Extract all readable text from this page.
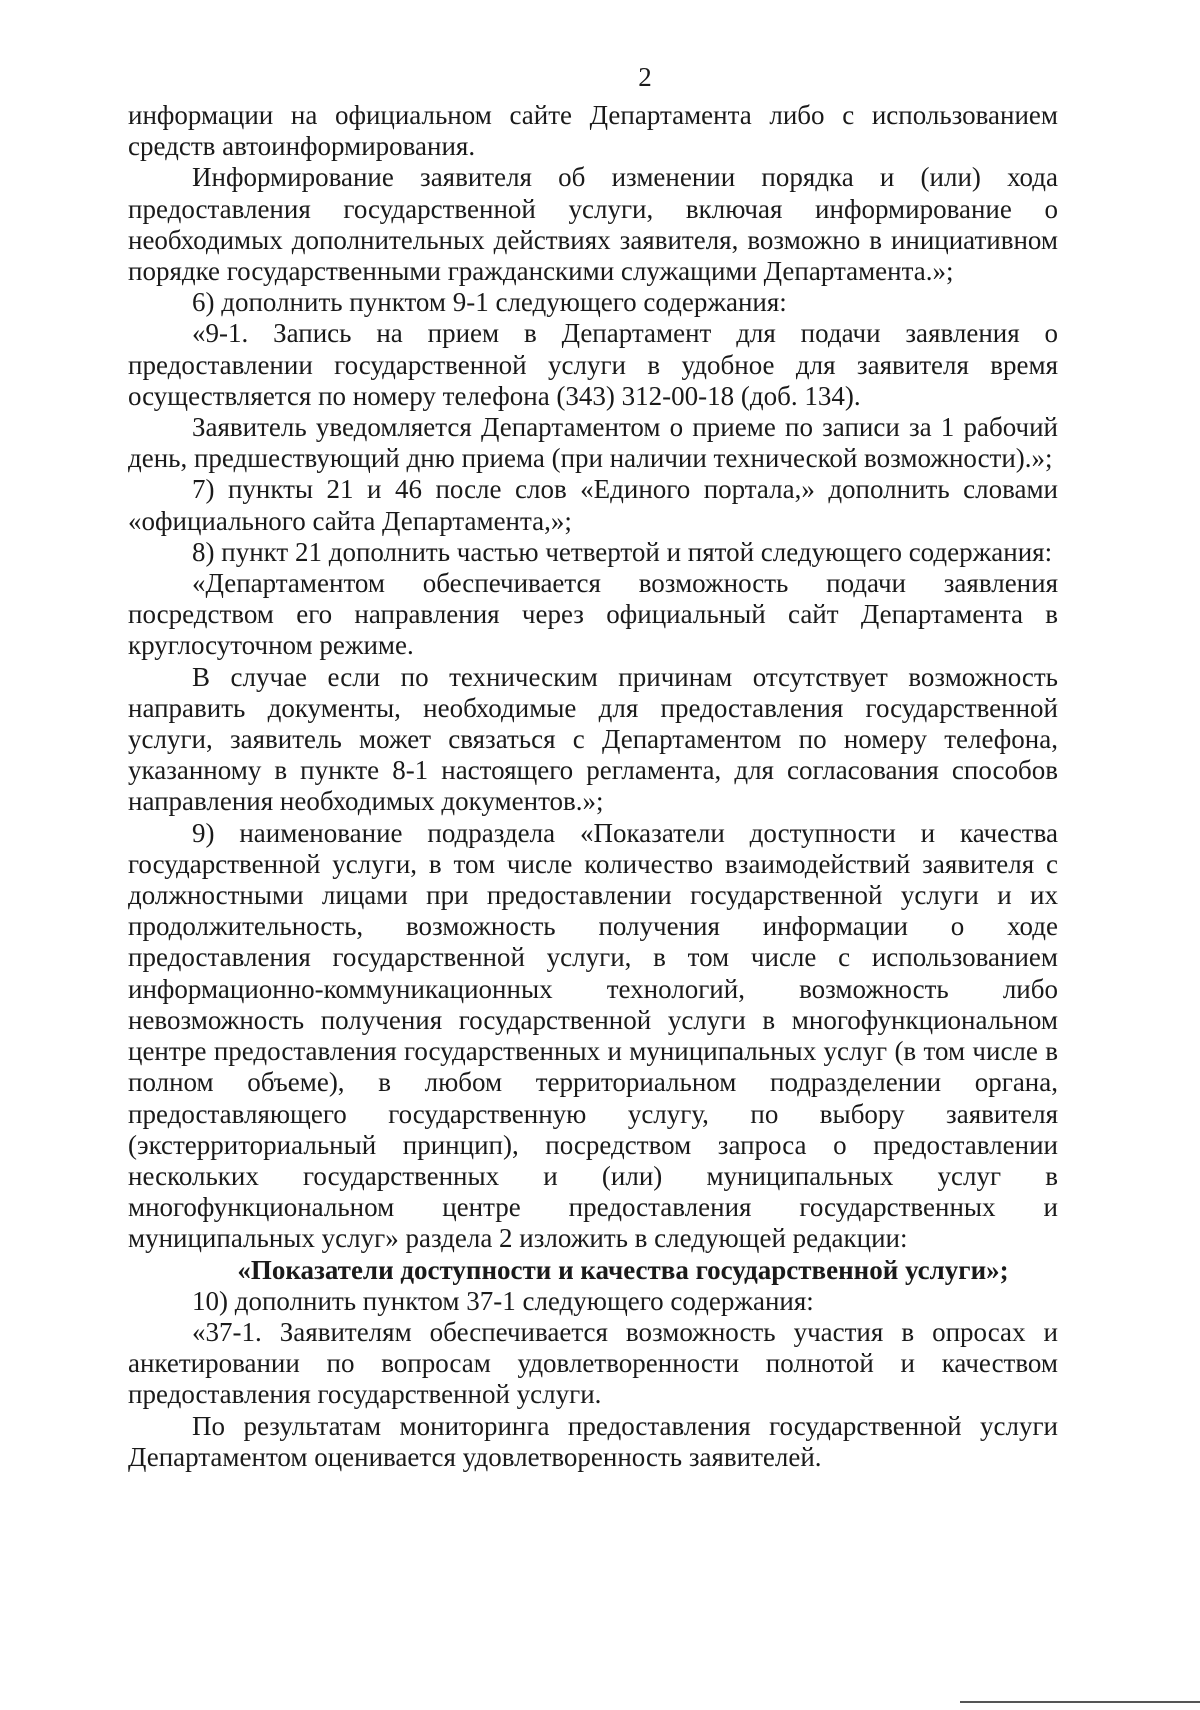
2

информации на официальном сайте Департамента либо с использованием средств автоинформирования.

Информирование заявителя об изменении порядка и (или) хода предоставления государственной услуги, включая информирование о необходимых дополнительных действиях заявителя, возможно в инициативном порядке государственными гражданскими служащими Департамента.»;

6) дополнить пунктом 9-1 следующего содержания:

«9-1. Запись на прием в Департамент для подачи заявления о предоставлении государственной услуги в удобное для заявителя время осуществляется по номеру телефона (343) 312-00-18 (доб. 134).

Заявитель уведомляется Департаментом о приеме по записи за 1 рабочий день, предшествующий дню приема (при наличии технической возможности).»;

7) пункты 21 и 46 после слов «Единого портала,» дополнить словами «официального сайта Департамента,»;

8) пункт 21 дополнить частью четвертой и пятой следующего содержания:

«Департаментом обеспечивается возможность подачи заявления посредством его направления через официальный сайт Департамента в круглосуточном режиме.

В случае если по техническим причинам отсутствует возможность направить документы, необходимые для предоставления государственной услуги, заявитель может связаться с Департаментом по номеру телефона, указанному в пункте 8-1 настоящего регламента, для согласования способов направления необходимых документов.»;

9) наименование подраздела «Показатели доступности и качества государственной услуги, в том числе количество взаимодействий заявителя с должностными лицами при предоставлении государственной услуги и их продолжительность, возможность получения информации о ходе предоставления государственной услуги, в том числе с использованием информационно-коммуникационных технологий, возможность либо невозможность получения государственной услуги в многофункциональном центре предоставления государственных и муниципальных услуг (в том числе в полном объеме), в любом территориальном подразделении органа, предоставляющего государственную услугу, по выбору заявителя (экстерриториальный принцип), посредством запроса о предоставлении нескольких государственных и (или) муниципальных услуг в многофункциональном центре предоставления государственных и муниципальных услуг» раздела 2 изложить в следующей редакции:

«Показатели доступности и качества государственной услуги»;

10) дополнить пунктом 37-1 следующего содержания:

«37-1. Заявителям обеспечивается возможность участия в опросах и анкетировании по вопросам удовлетворенности полнотой и качеством предоставления государственной услуги.

По результатам мониторинга предоставления государственной услуги Департаментом оценивается удовлетворенность заявителей.
